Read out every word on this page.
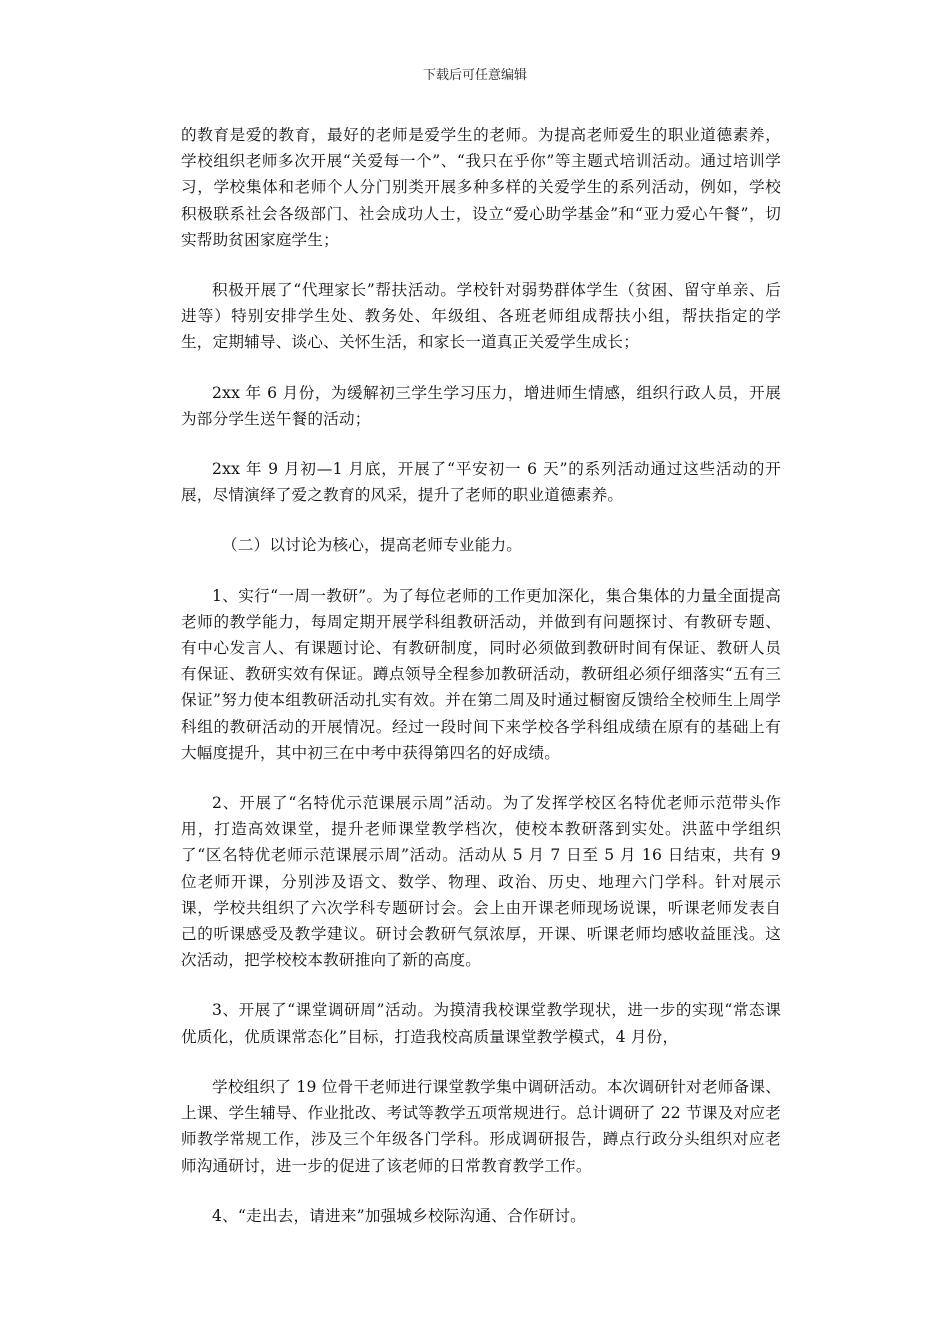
下载后可任意编辑

的教育是爱的教育，最好的老师是爱学生的老师。为提高老师爱生的职业道德素养，学校组织老师多次开展“关爱每一个”、“我只在乎你”等主题式培训活动。通过培训学习，学校集体和老师个人分门别类开展多种多样的关爱学生的系列活动，例如，学校积极联系社会各级部门、社会成功人士，设立“爱心助学基金”和“亚力爱心午餐”，切实帮助贫困家庭学生；

积极开展了“代理家长”帮扶活动。学校针对弱势群体学生（贫困、留守单亲、后进等）特别安排学生处、教务处、年级组、各班老师组成帮扶小组，帮扶指定的学生，定期辅导、谈心、关怀生活，和家长一道真正关爱学生成长；

2xx 年 6 月份，为缓解初三学生学习压力，增进师生情感，组织行政人员，开展为部分学生送午餐的活动；

2xx 年 9 月初—1 月底，开展了“平安初一 6 天”的系列活动通过这些活动的开展，尽情演绎了爱之教育的风采，提升了老师的职业道德素养。

（二）以讨论为核心，提高老师专业能力。

1、实行“一周一教研”。为了每位老师的工作更加深化，集合集体的力量全面提高老师的教学能力，每周定期开展学科组教研活动，并做到有问题探讨、有教研专题、有中心发言人、有课题讨论、有教研制度，同时必须做到教研时间有保证、教研人员有保证、教研实效有保证。蹲点领导全程参加教研活动，教研组必须仔细落实“五有三保证”努力使本组教研活动扎实有效。并在第二周及时通过橱窗反馈给全校师生上周学科组的教研活动的开展情况。经过一段时间下来学校各学科组成绩在原有的基础上有大幅度提升，其中初三在中考中获得第四名的好成绩。

2、开展了“名特优示范课展示周”活动。为了发挥学校区名特优老师示范带头作用，打造高效课堂，提升老师课堂教学档次，使校本教研落到实处。洪蓝中学组织了“区名特优老师示范课展示周”活动。活动从 5 月 7 日至 5 月 16 日结束，共有 9 位老师开课，分别涉及语文、数学、物理、政治、历史、地理六门学科。针对展示课，学校共组织了六次学科专题研讨会。会上由开课老师现场说课，听课老师发表自己的听课感受及教学建议。研讨会教研气氛浓厚，开课、听课老师均感收益匪浅。这次活动，把学校校本教研推向了新的高度。

3、开展了“课堂调研周”活动。为摸清我校课堂教学现状，进一步的实现“常态课优质化，优质课常态化”目标，打造我校高质量课堂教学模式，4 月份，

学校组织了 19 位骨干老师进行课堂教学集中调研活动。本次调研针对老师备课、上课、学生辅导、作业批改、考试等教学五项常规进行。总计调研了 22 节课及对应老师教学常规工作，涉及三个年级各门学科。形成调研报告，蹲点行政分头组织对应老师沟通研讨，进一步的促进了该老师的日常教育教学工作。

4、“走出去，请进来”加强城乡校际沟通、合作研讨。
